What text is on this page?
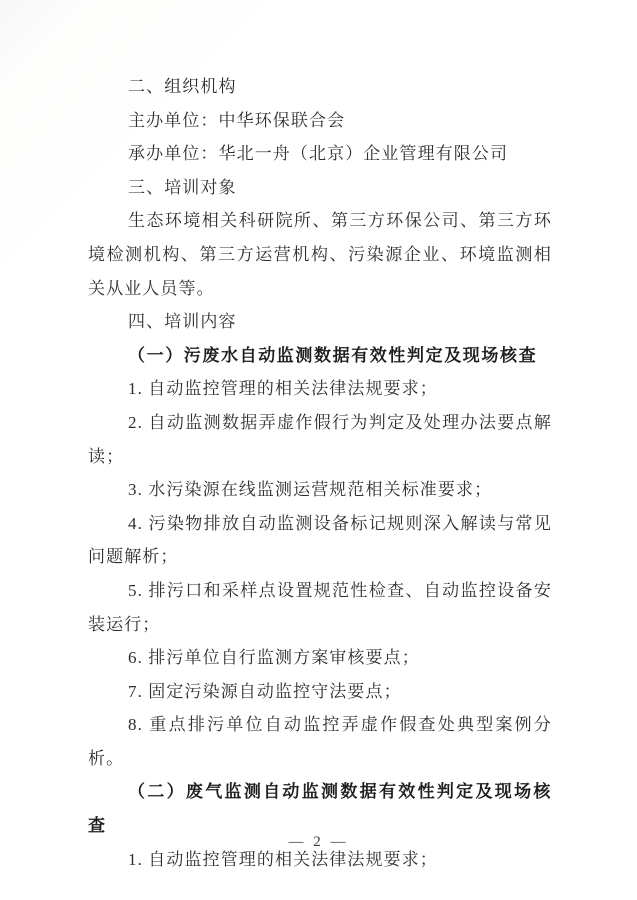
二、组织机构

主办单位：中华环保联合会

承办单位：华北一舟（北京）企业管理有限公司

三、培训对象

生态环境相关科研院所、第三方环保公司、第三方环境检测机构、第三方运营机构、污染源企业、环境监测相关从业人员等。

四、培训内容

（一）污废水自动监测数据有效性判定及现场核查

1. 自动监控管理的相关法律法规要求；

2. 自动监测数据弄虚作假行为判定及处理办法要点解读；

3. 水污染源在线监测运营规范相关标准要求；

4. 污染物排放自动监测设备标记规则深入解读与常见问题解析；

5. 排污口和采样点设置规范性检查、自动监控设备安装运行；

6. 排污单位自行监测方案审核要点；

7. 固定污染源自动监控守法要点；

8. 重点排污单位自动监控弄虚作假查处典型案例分析。

（二）废气监测自动监测数据有效性判定及现场核查

1. 自动监控管理的相关法律法规要求；

— 2 —
